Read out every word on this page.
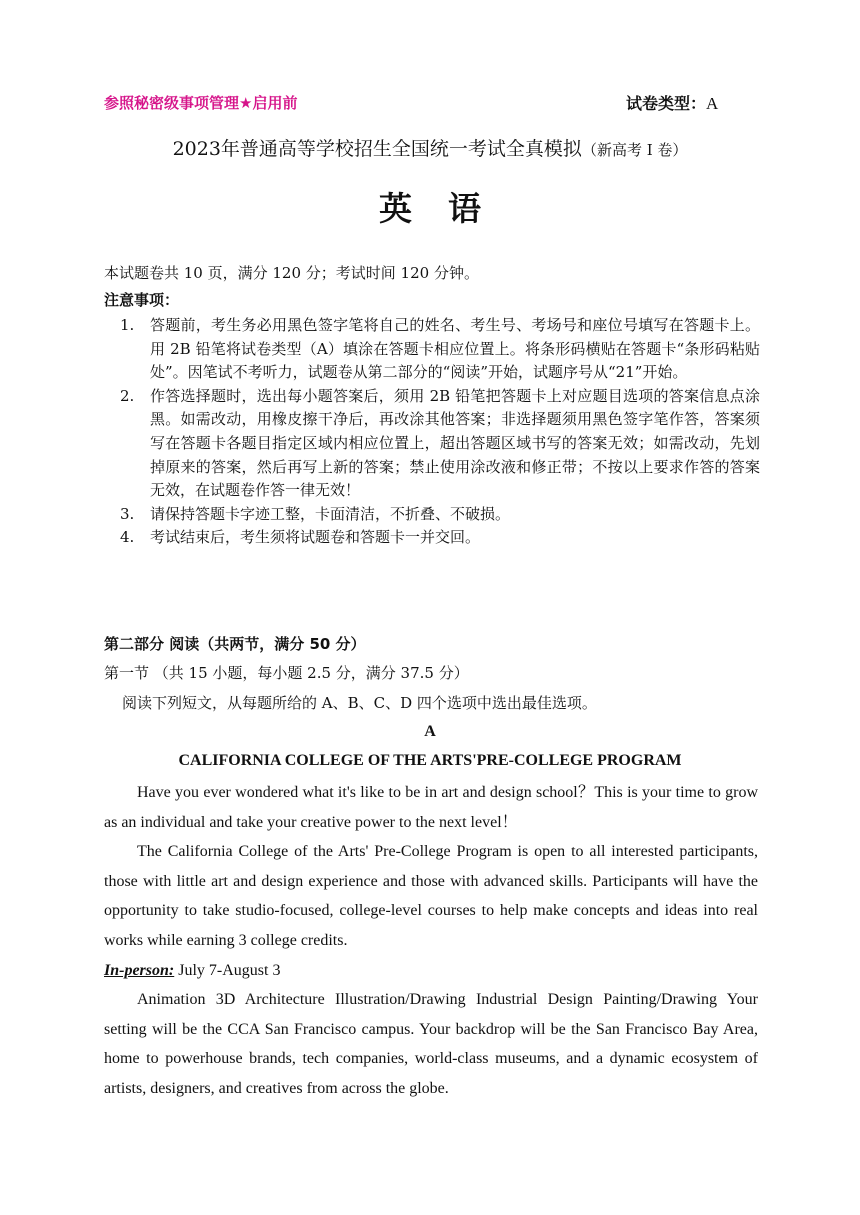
参照秘密级事项管理★启用前	试卷类型：A
2023年普通高等学校招生全国统一考试全真模拟（新高考 I 卷）
英语
本试题卷共 10 页，满分 120 分；考试时间 120 分钟。
注意事项：
1. 答题前，考生务必用黑色签字笔将自己的姓名、考生号、考场号和座位号填写在答题卡上。用 2B 铅笔将试卷类型（A）填涂在答题卡相应位置上。将条形码横贴在答题卡“条形码粘贴处”。因笔试不考听力，试题卷从第二部分的“阅读”开始，试题序号从“21”开始。
2. 作答选择题时，选出每小题答案后，须用 2B 铅笔把答题卡上对应题目选项的答案信息点涂黑。如需改动，用橡皮擦干净后，再改涂其他答案；非选择题须用黑色签字笔作答，答案须写在答题卡各题目指定区域内相应位置上，超出答题区域书写的答案无效；如需改动，先划掉原来的答案，然后再写上新的答案；禁止使用涂改液和修正带；不按以上要求作答的答案无效，在试题卷作答一律无效！
3. 请保持答题卡字迹工整，卡面清洁，不折叠、不破损。
4. 考试结束后，考生须将试题卷和答题卡一并交回。
第二部分 阅读（共两节，满分 50 分）
第一节 （共 15 小题，每小题 2.5 分，满分 37.5 分）
阅读下列短文，从每题所给的 A、B、C、D 四个选项中选出最佳选项。
A
CALIFORNIA COLLEGE OF THE ARTS'PRE-COLLEGE PROGRAM

Have you ever wondered what it's like to be in art and design school？This is your time to grow as an individual and take your creative power to the next level！

The California College of the Arts' Pre-College Program is open to all interested participants, those with little art and design experience and those with advanced skills. Participants will have the opportunity to take studio-focused, college-level courses to help make concepts and ideas into real works while earning 3 college credits.

In-person: July 7-August 3

Animation 3D Architecture Illustration/Drawing Industrial Design Painting/Drawing Your setting will be the CCA San Francisco campus. Your backdrop will be the San Francisco Bay Area, home to powerhouse brands, tech companies, world-class museums, and a dynamic ecosystem of artists, designers, and creatives from across the globe.
